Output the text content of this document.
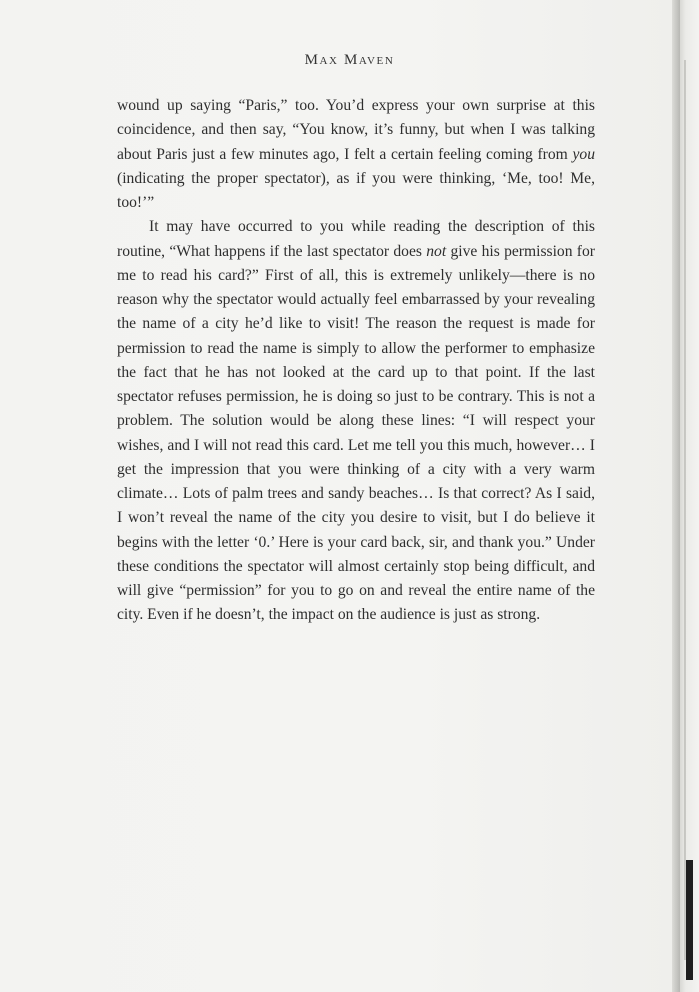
Max Maven

wound up saying “Paris,” too. You’d express your own surprise at this coincidence, and then say, “You know, it’s funny, but when I was talking about Paris just a few minutes ago, I felt a certain feeling coming from you (indicating the proper spectator), as if you were thinking, ‘Me, too! Me, too!’”

It may have occurred to you while reading the description of this routine, “What happens if the last spectator does not give his permission for me to read his card?” First of all, this is extremely unlikely—there is no reason why the spectator would actually feel embarrassed by your revealing the name of a city he’d like to visit! The reason the request is made for permission to read the name is simply to allow the performer to emphasize the fact that he has not looked at the card up to that point. If the last spectator refuses permission, he is doing so just to be contrary. This is not a problem. The solution would be along these lines: “I will respect your wishes, and I will not read this card. Let me tell you this much, however… I get the impression that you were thinking of a city with a very warm climate… Lots of palm trees and sandy beaches… Is that correct? As I said, I won’t reveal the name of the city you desire to visit, but I do believe it begins with the letter ‘0.’ Here is your card back, sir, and thank you.” Under these conditions the spectator will almost certainly stop being difficult, and will give “permission” for you to go on and reveal the entire name of the city. Even if he doesn’t, the impact on the audience is just as strong.
